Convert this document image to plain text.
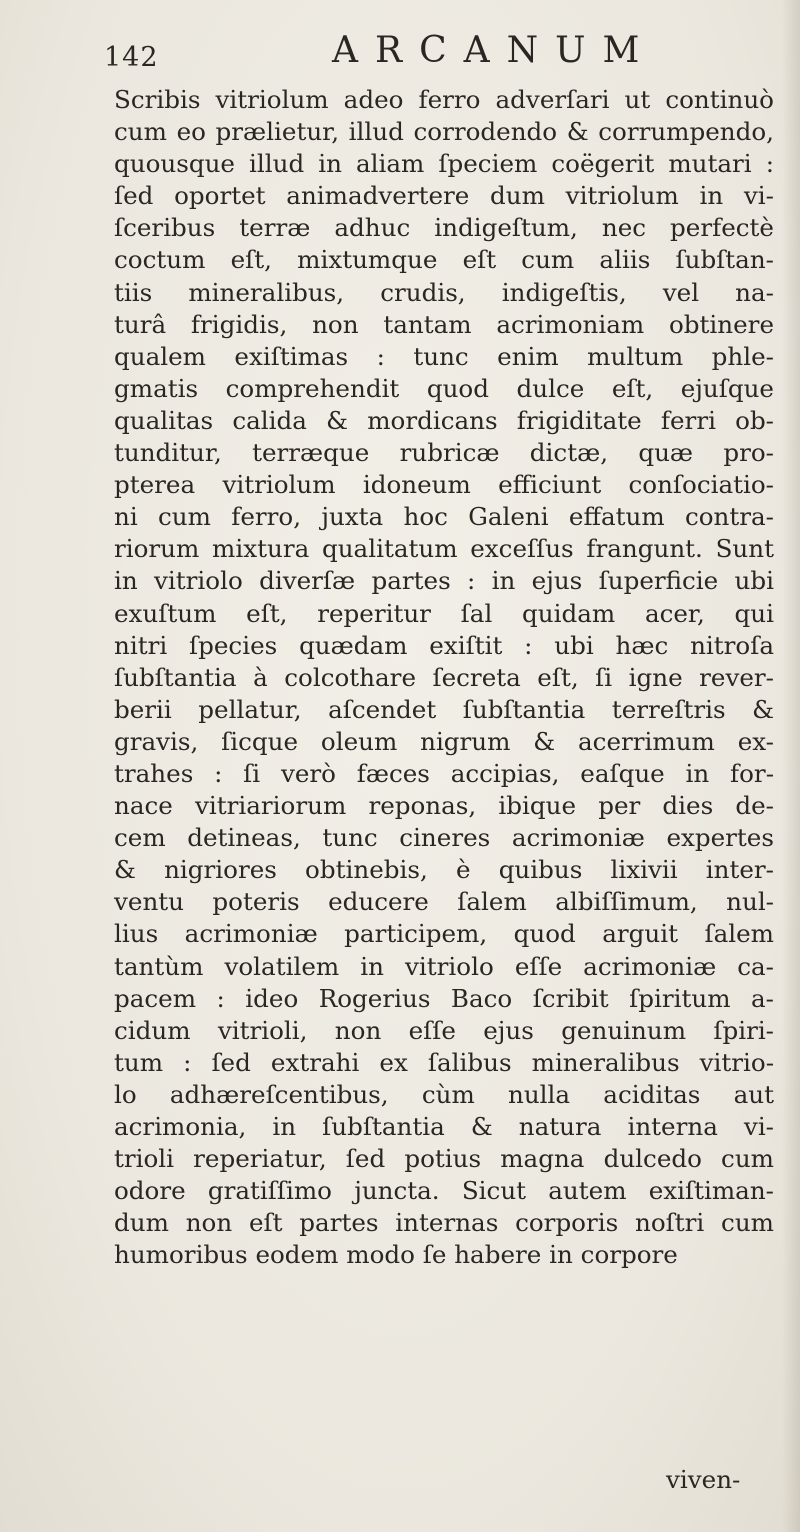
142	ARCANUM
Scribis vitriolum adeo ferro adverſari ut continuò
cum eo prælietur, illud corrodendo & corrumpendo,
quousque illud in aliam ſpeciem coëgerit mutari :
ſed oportet animadvertere dum vitriolum in vi-
ſceribus terræ adhuc indigeſtum, nec perfectè
coctum eſt, mixtumque eſt cum aliis ſubſtan-
tiis mineralibus, crudis, indigeſtis, vel na-
turâ frigidis, non tantam acrimoniam obtinere
qualem exiſtimas : tunc enim multum phle-
gmatis comprehendit quod dulce eſt, ejuſque
qualitas calida & mordicans frigiditate ferri ob-
tunditur, terræque rubricæ dictæ, quæ pro-
pterea vitriolum idoneum efficiunt conſociatio-
ni cum ferro, juxta hoc Galeni effatum contra-
riorum mixtura qualitatum exceſſus frangunt. Sunt
in vitriolo diverſæ partes : in ejus ſuperficie ubi
exuſtum eſt, reperitur ſal quidam acer, qui
nitri ſpecies quædam exiſtit : ubi hæc nitroſa
ſubſtantia à colcothare ſecreta eſt, ſi igne rever-
berii pellatur, aſcendet ſubſtantia terreſtris &
gravis, ſicque oleum nigrum & acerrimum ex-
trahes : ſi verò fæces accipias, eaſque in for-
nace vitriariorum reponas, ibique per dies de-
cem detineas, tunc cineres acrimoniæ expertes
& nigriores obtinebis, è quibus lixivii inter-
ventu poteris educere ſalem albiſſimum, nul-
lius acrimoniæ participem, quod arguit ſalem
tantùm volatilem in vitriolo eſſe acrimoniæ ca-
pacem : ideo Rogerius Baco ſcribit ſpiritum a-
cidum vitrioli, non eſſe ejus genuinum ſpiri-
tum : ſed extrahi ex ſalibus mineralibus vitrio-
lo adhæreſcentibus, cùm nulla aciditas aut
acrimonia, in ſubſtantia & natura interna vi-
trioli reperiatur, ſed potius magna dulcedo cum
odore gratiſſimo juncta. Sicut autem exiſtiman-
dum non eſt partes internas corporis noſtri cum
humoribus eodem modo ſe habere in corpore
viven-
